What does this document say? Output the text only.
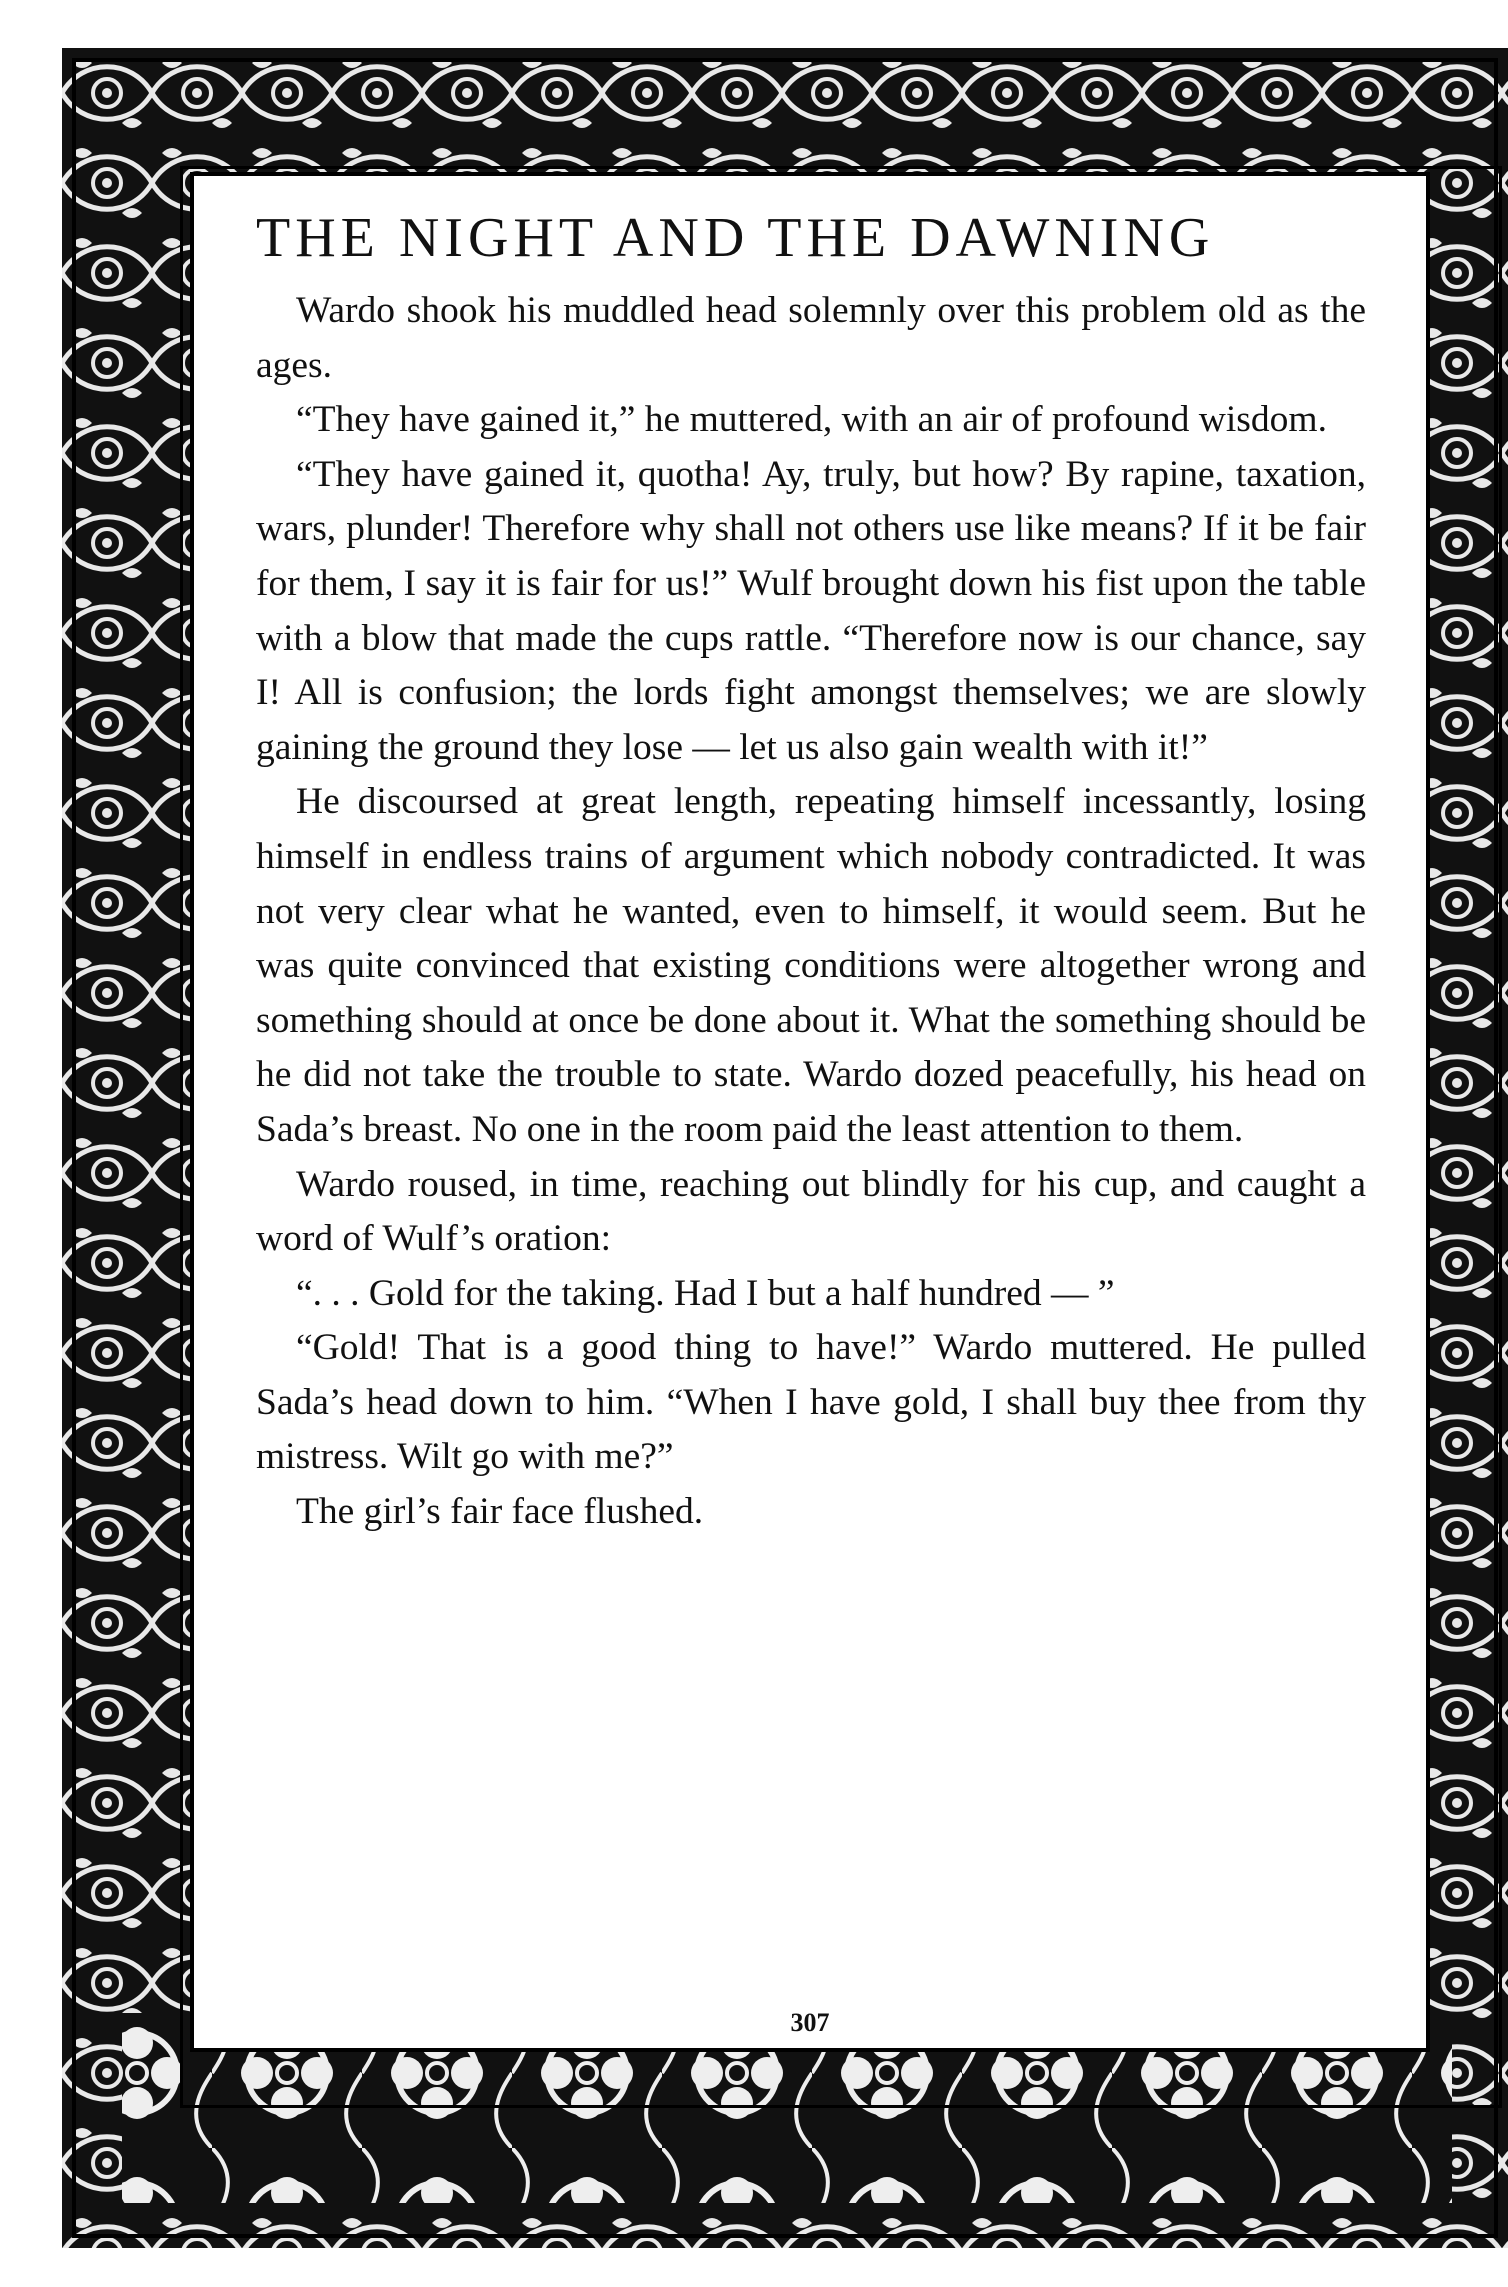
THE NIGHT AND THE DAWNING

Wardo shook his muddled head solemnly over this problem old as the ages.

“They have gained it,” he muttered, with an air of profound wisdom.

“They have gained it, quotha! Ay, truly, but how? By rapine, taxation, wars, plunder! Therefore why shall not others use like means? If it be fair for them, I say it is fair for us!” Wulf brought down his fist upon the table with a blow that made the cups rattle. “Therefore now is our chance, say I! All is confusion; the lords fight amongst themselves; we are slowly gaining the ground they lose — let us also gain wealth with it!”

He discoursed at great length, repeating himself incessantly, losing himself in endless trains of argument which nobody contradicted. It was not very clear what he wanted, even to himself, it would seem. But he was quite convinced that existing conditions were altogether wrong and something should at once be done about it. What the something should be he did not take the trouble to state. Wardo dozed peacefully, his head on Sada’s breast. No one in the room paid the least attention to them.

Wardo roused, in time, reaching out blindly for his cup, and caught a word of Wulf’s oration:

“. . . Gold for the taking. Had I but a half hundred — ”

“Gold! That is a good thing to have!” Wardo muttered. He pulled Sada’s head down to him. “When I have gold, I shall buy thee from thy mistress. Wilt go with me?”

The girl’s fair face flushed.

307
